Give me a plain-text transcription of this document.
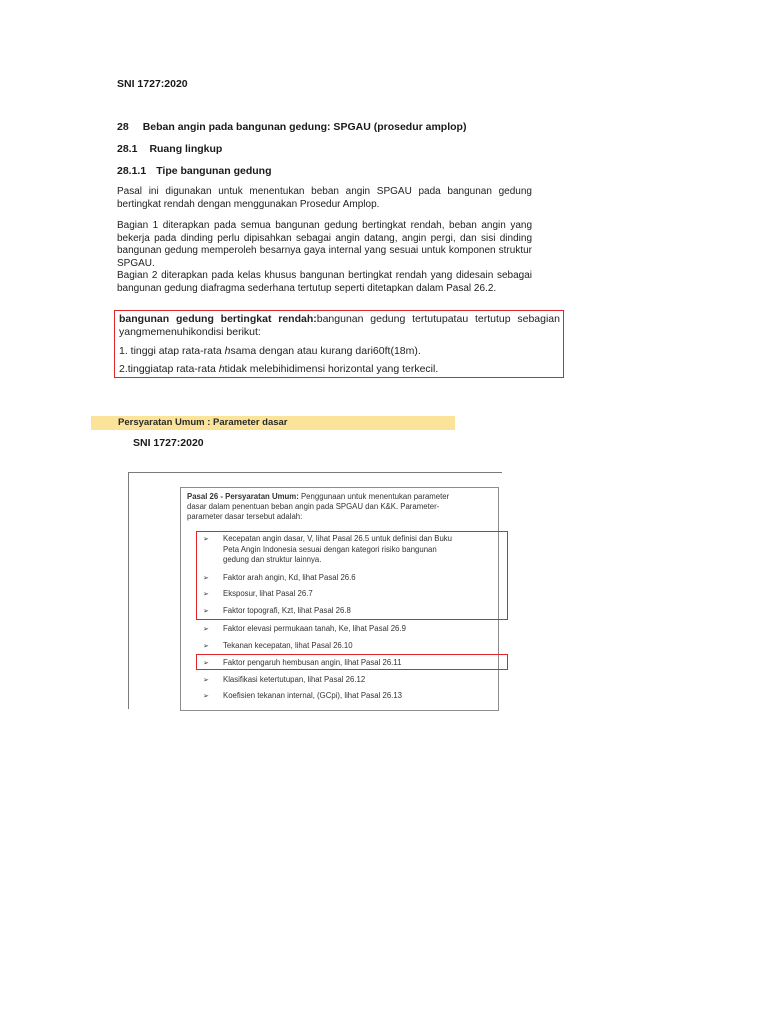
SNI 1727:2020
28 Beban angin pada bangunan gedung: SPGAU (prosedur amplop)
28.1 Ruang lingkup
28.1.1 Tipe bangunan gedung
Pasal ini digunakan untuk menentukan beban angin SPGAU pada bangunan gedung bertingkat rendah dengan menggunakan Prosedur Amplop.
Bagian 1 diterapkan pada semua bangunan gedung bertingkat rendah, beban angin yang bekerja pada dinding perlu dipisahkan sebagai angin datang, angin pergi, dan sisi dinding bangunan gedung memperoleh besarnya gaya internal yang sesuai untuk komponen struktur SPGAU.
Bagian 2 diterapkan pada kelas khusus bangunan bertingkat rendah yang didesain sebagai bangunan gedung diafragma sederhana tertutup seperti ditetapkan dalam Pasal 26.2.
bangunan gedung bertingkat rendah:bangunan gedung tertutupatau tertutup sebagian
yangmemenuhikondisi berikut:
1. tinggi atap rata-rata hsama dengan atau kurang dari60ft(18m).
2.tinggiatap rata-rata htidak melebihidimensi horizontal yang terkecil.
Persyaratan Umum : Parameter dasar
SNI 1727:2020
Pasal 26 - Persyaratan Umum: Penggunaan untuk menentukan parameter
dasar dalam penentuan beban angin pada SPGAU dan K&K. Parameter-
parameter dasar tersebut adalah:
➢ Kecepatan angin dasar, V, lihat Pasal 26.5 untuk definisi dan Buku
Peta Angin Indonesia sesuai dengan kategori risiko bangunan
gedung dan struktur lainnya.
➢ Faktor arah angin, Kd, lihat Pasal 26.6
➢ Eksposur, lihat Pasal 26.7
➢ Faktor topografi, Kzt, lihat Pasal 26.8
➢ Faktor elevasi permukaan tanah, Ke, lihat Pasal 26.9
➢ Tekanan kecepatan, lihat Pasal 26.10
➢ Faktor pengaruh hembusan angin, lihat Pasal 26.11
➢ Klasifikasi ketertutupan, lihat Pasal 26.12
➢ Koefisien tekanan internal, (GCpi), lihat Pasal 26.13
